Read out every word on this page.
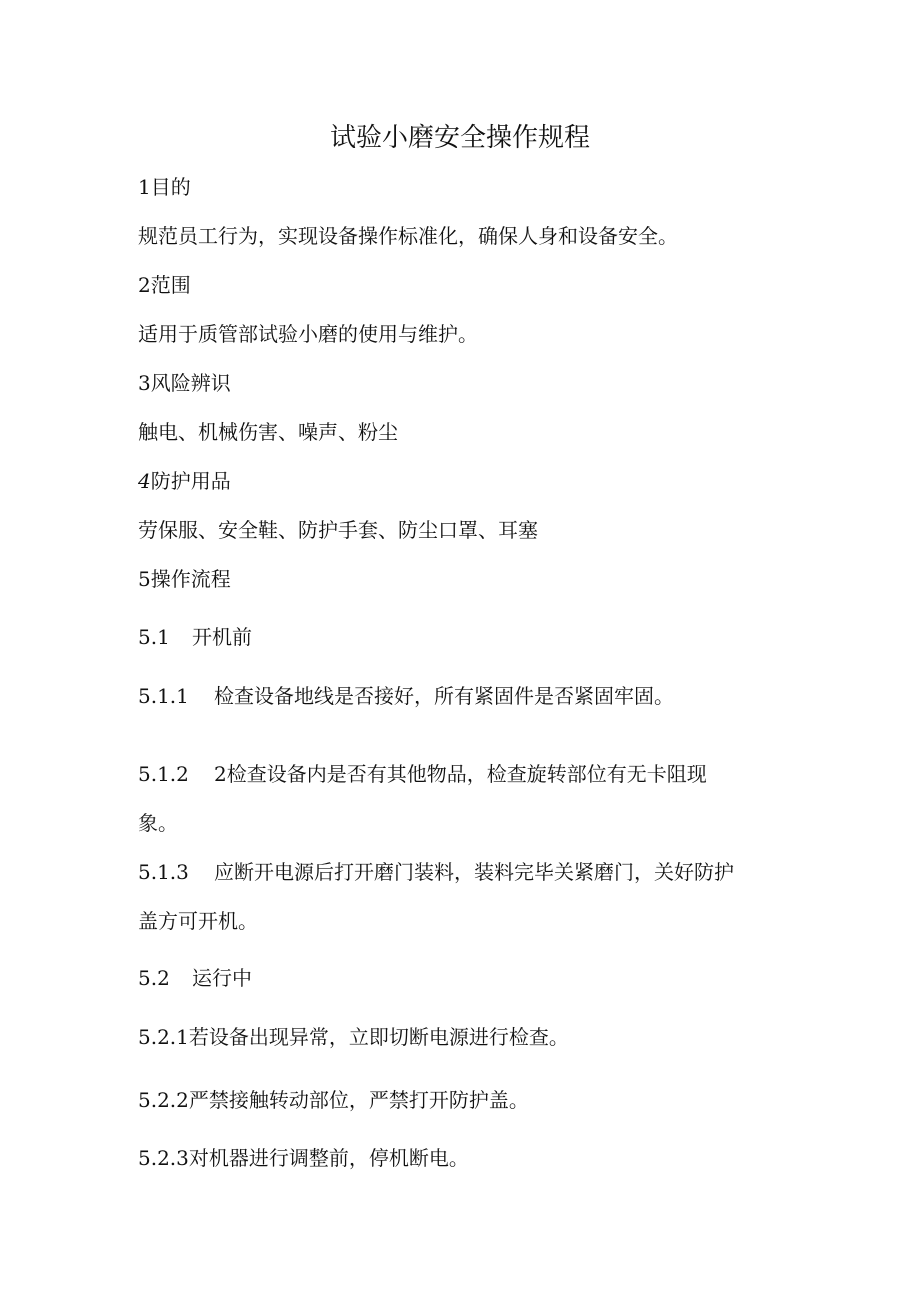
试验小磨安全操作规程
1目的
规范员工行为，实现设备操作标准化，确保人身和设备安全。
2范围
适用于质管部试验小磨的使用与维护。
3风险辨识
触电、机械伤害、噪声、粉尘
4防护用品
劳保服、安全鞋、防护手套、防尘口罩、耳塞
5操作流程
5.1 开机前
5.1.1 检查设备地线是否接好，所有紧固件是否紧固牢固。
5.1.2 2检查设备内是否有其他物品，检查旋转部位有无卡阻现
象。
5.1.3 应断开电源后打开磨门装料，装料完毕关紧磨门，关好防护
盖方可开机。
5.2 运行中
5.2.1若设备出现异常，立即切断电源进行检查。
5.2.2严禁接触转动部位，严禁打开防护盖。
5.2.3对机器进行调整前，停机断电。
